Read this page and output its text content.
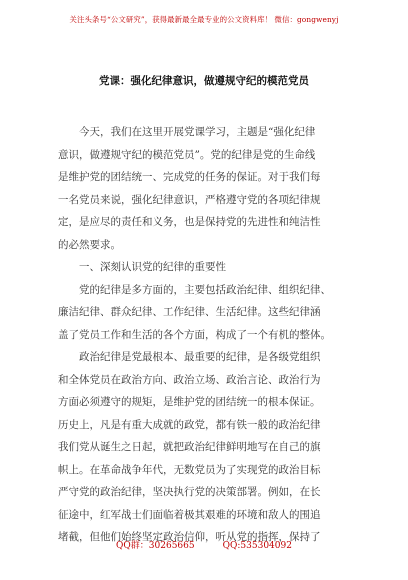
关注头条号“公文研究”，获得最新最全最专业的公文资料库！ 微信：gongwenyj
党课：强化纪律意识，做遵规守纪的模范党员
今天，我们在这里开展党课学习，主题是“强化纪律
意识，做遵规守纪的模范党员”。党的纪律是党的生命线
是维护党的团结统一、完成党的任务的保证。对于我们每
一名党员来说，强化纪律意识，严格遵守党的各项纪律规
定，是应尽的责任和义务，也是保持党的先进性和纯洁性
的必然要求。
一、深刻认识党的纪律的重要性
党的纪律是多方面的，主要包括政治纪律、组织纪律、
廉洁纪律、群众纪律、工作纪律、生活纪律。这些纪律涵
盖了党员工作和生活的各个方面，构成了一个有机的整体。
政治纪律是党最根本、最重要的纪律，是各级党组织
和全体党员在政治方向、政治立场、政治言论、政治行为
方面必须遵守的规矩，是维护党的团结统一的根本保证。
历史上，凡是有重大成就的政党，都有铁一般的政治纪律
我们党从诞生之日起，就把政治纪律鲜明地写在自己的旗
帜上。在革命战争年代，无数党员为了实现党的政治目标
严守党的政治纪律，坚决执行党的决策部署。例如，在长
征途中，红军战士们面临着极其艰难的环境和敌人的围追
堵截，但他们始终坚定政治信仰，听从党的指挥，保持了
QQ群：30265665	QQ:535304092
